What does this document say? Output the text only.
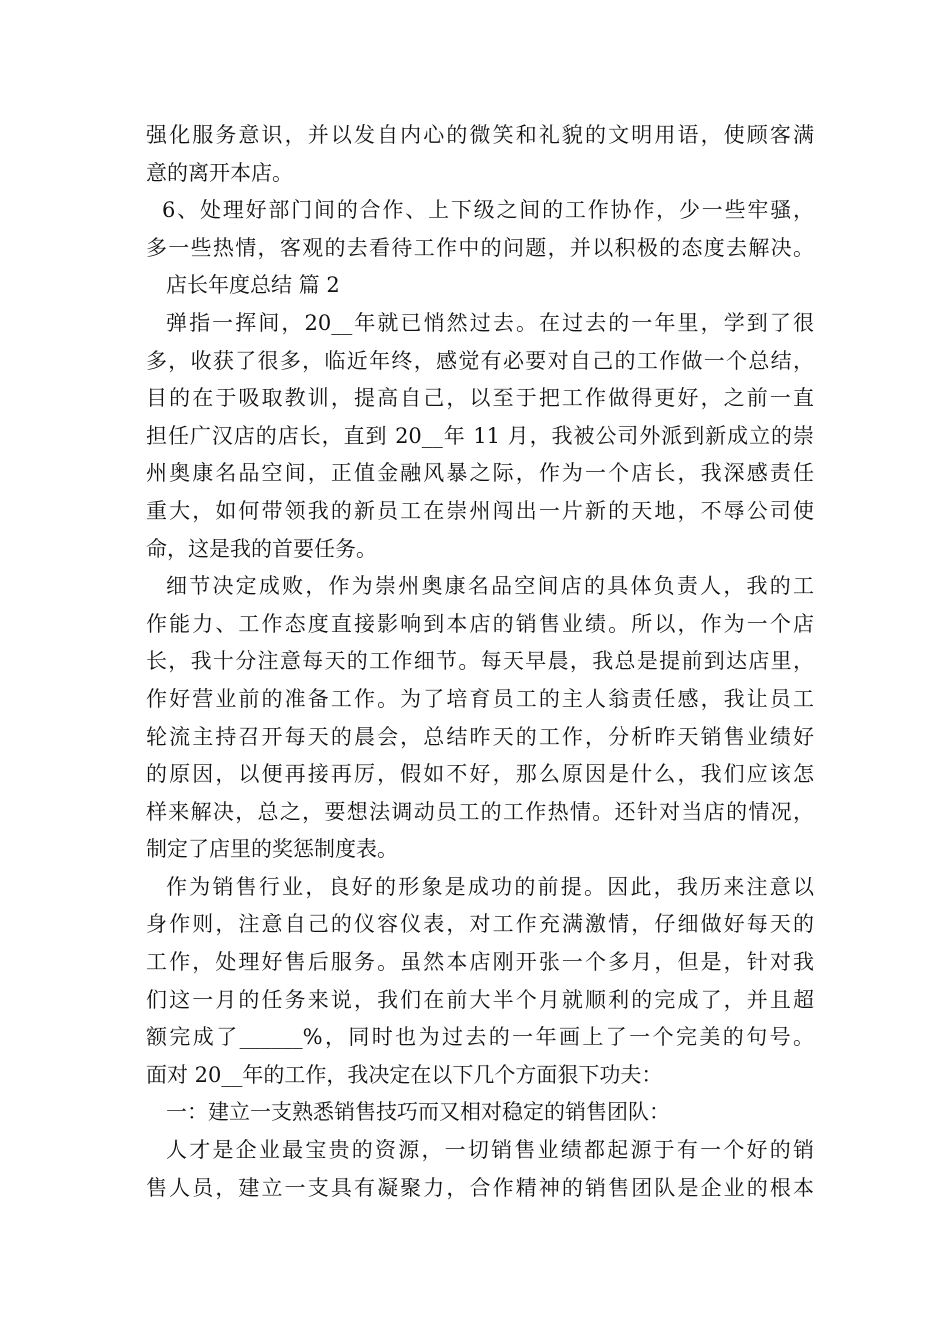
强化服务意识，并以发自内心的微笑和礼貌的文明用语，使顾客满
意的离开本店。
6、处理好部门间的合作、上下级之间的工作协作，少一些牢骚，
多一些热情，客观的去看待工作中的问题，并以积极的态度去解决。
店长年度总结 篇 2
弹指一挥间，20__年就已悄然过去。在过去的一年里，学到了很
多，收获了很多，临近年终，感觉有必要对自己的工作做一个总结，
目的在于吸取教训，提高自己，以至于把工作做得更好，之前一直
担任广汉店的店长，直到 20__年 11 月，我被公司外派到新成立的崇
州奥康名品空间，正值金融风暴之际，作为一个店长，我深感责任
重大，如何带领我的新员工在崇州闯出一片新的天地，不辱公司使
命，这是我的首要任务。
细节决定成败，作为崇州奥康名品空间店的具体负责人，我的工
作能力、工作态度直接影响到本店的销售业绩。所以，作为一个店
长，我十分注意每天的工作细节。每天早晨，我总是提前到达店里，
作好营业前的准备工作。为了培育员工的主人翁责任感，我让员工
轮流主持召开每天的晨会，总结昨天的工作，分析昨天销售业绩好
的原因，以便再接再厉，假如不好，那么原因是什么，我们应该怎
样来解决，总之，要想法调动员工的工作热情。还针对当店的情况，
制定了店里的奖惩制度表。
作为销售行业，良好的形象是成功的前提。因此，我历来注意以
身作则，注意自己的仪容仪表，对工作充满激情，仔细做好每天的
工作，处理好售后服务。虽然本店刚开张一个多月，但是，针对我
们这一月的任务来说，我们在前大半个月就顺利的完成了，并且超
额完成了______%，同时也为过去的一年画上了一个完美的句号。
面对 20__年的工作，我决定在以下几个方面狠下功夫：
一：建立一支熟悉销售技巧而又相对稳定的销售团队：
人才是企业最宝贵的资源，一切销售业绩都起源于有一个好的销
售人员，建立一支具有凝聚力，合作精神的销售团队是企业的根本
